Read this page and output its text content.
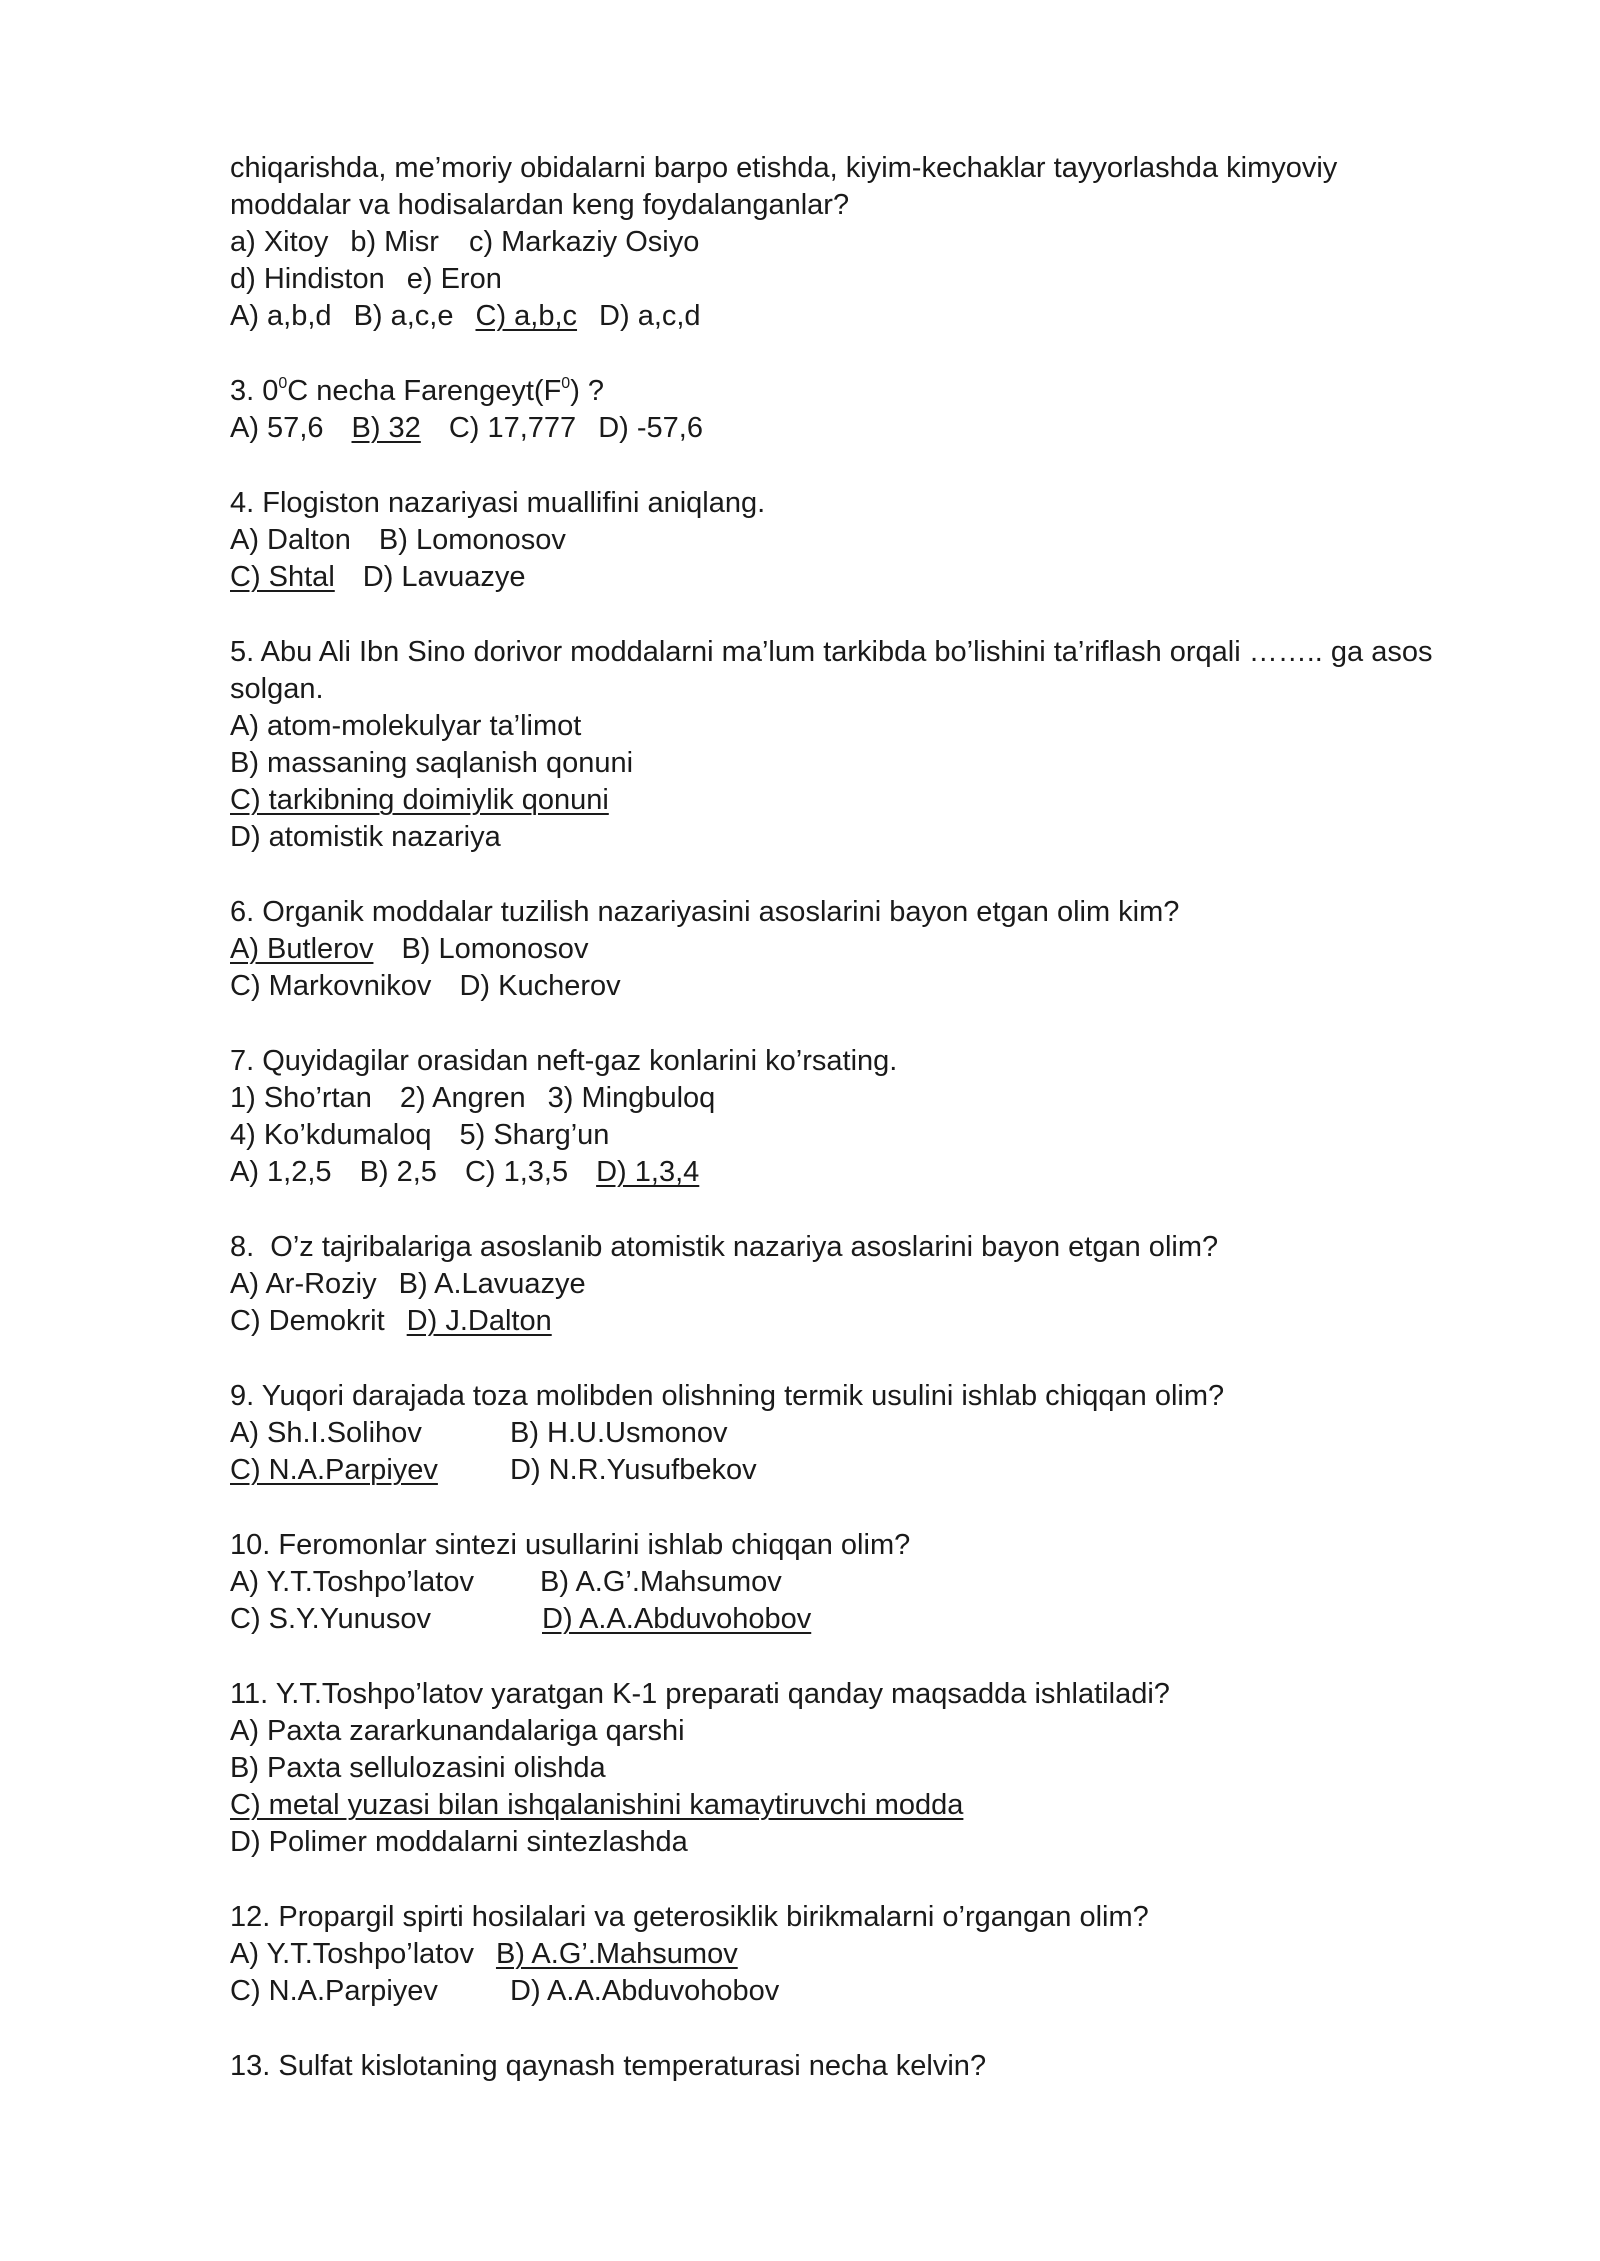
chiqarishda, me’moriy obidalarni barpo etishda, kiyim-kechaklar tayyorlashda kimyoviy
moddalar va hodisalardan keng foydalanganlar?
a) Xitoy b) Misr c) Markaziy Osiyo
d) Hindiston e) Eron
A) a,b,d B) a,c,e C) a,b,c D) a,c,d
3. $0^0C$ necha $Farengeyt(F^0)$ ?
A) 57,6 B) 32 C) 17,777 D) -57,6
4. Flogiston nazariyasi muallifini aniqlang.
A) Dalton B) Lomonosov
C) Shtal D) Lavuazye
5. Abu Ali Ibn Sino dorivor moddalarni ma’lum tarkibda bo’lishini ta’riflash orqali …….. ga asos
solgan.
A) atom-molekulyar ta’limot
B) massaning saqlanish qonuni
C) tarkibning doimiylik qonuni
D) atomistik nazariya
6. Organik moddalar tuzilish nazariyasini asoslarini bayon etgan olim kim?
A) Butlerov B) Lomonosov
C) Markovnikov D) Kucherov
7. Quyidagilar orasidan neft-gaz konlarini ko’rsating.
1) Sho’rtan 2) Angren 3) Mingbuloq
4) Ko’kdumaloq 5) Sharg’un
A) 1,2,5 B) 2,5 C) 1,3,5 D) 1,3,4
8.  O’z tajribalariga asoslanib atomistik nazariya asoslarini bayon etgan olim?
A) Ar-Roziy B) A.Lavuazye
C) Demokrit D) J.Dalton
9. Yuqori darajada toza molibden olishning termik usulini ishlab chiqqan olim?
A) Sh.I.Solihov	B) H.U.Usmonov
C) N.A.Parpiyev D) N.R.Yusufbekov
10. Feromonlar sintezi usullarini ishlab chiqqan olim?
A) Y.T.Toshpo’latov B) A.G’.Mahsumov
C) S.Y.Yunusov	D) A.A.Abduvohobov
11. Y.T.Toshpo’latov yaratgan K-1 preparati qanday maqsadda ishlatiladi?
A) Paxta zararkunandalariga qarshi
B) Paxta sellulozasini olishda
C) metal yuzasi bilan ishqalanishini kamaytiruvchi modda
D) Polimer moddalarni sintezlashda
12. Propargil spirti hosilalari va geterosiklik birikmalarni o’rgangan olim?
A) Y.T.Toshpo’latov B) A.G’.Mahsumov
C) N.A.Parpiyev D) A.A.Abduvohobov
13. Sulfat kislotaning qaynash temperaturasi necha kelvin?
